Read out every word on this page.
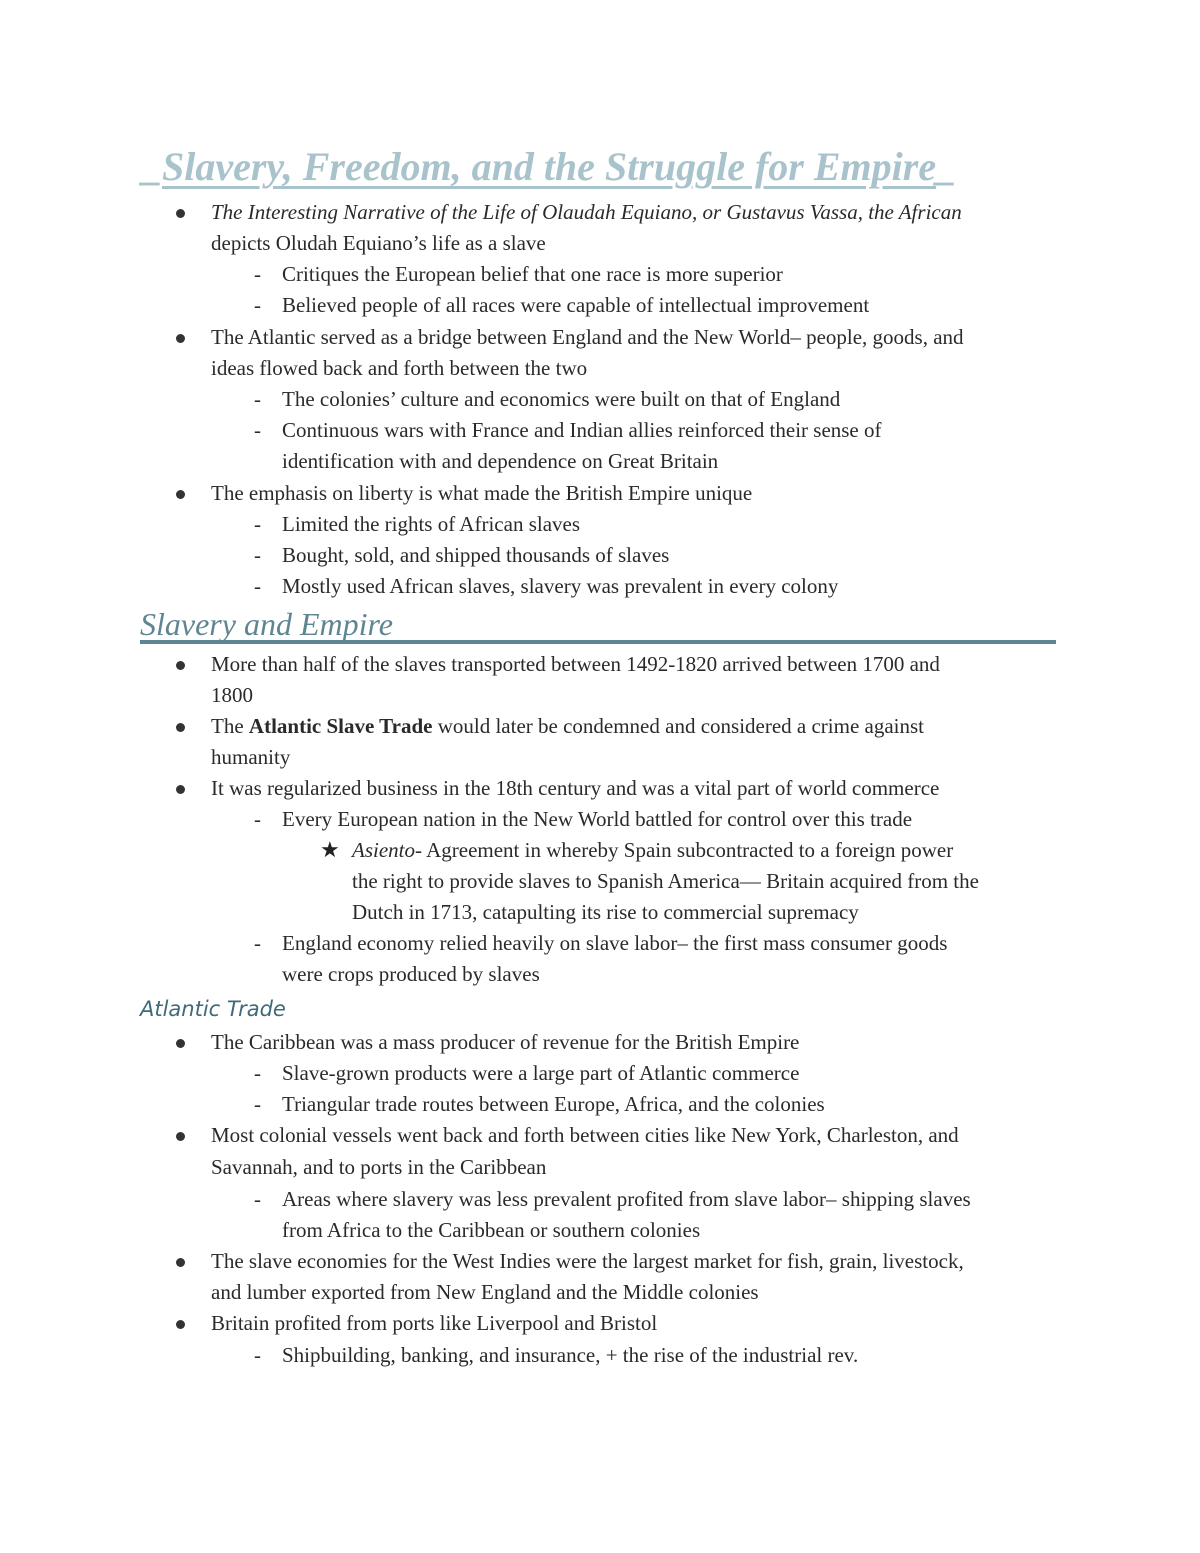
_Slavery, Freedom, and the Struggle for Empire_
The Interesting Narrative of the Life of Olaudah Equiano, or Gustavus Vassa, the African
depicts Oludah Equiano’s life as a slave
- Critiques the European belief that one race is more superior
- Believed people of all races were capable of intellectual improvement
The Atlantic served as a bridge between England and the New World– people, goods, and
ideas flowed back and forth between the two
- The colonies’ culture and economics were built on that of England
- Continuous wars with France and Indian allies reinforced their sense of
identification with and dependence on Great Britain
The emphasis on liberty is what made the British Empire unique
- Limited the rights of African slaves
- Bought, sold, and shipped thousands of slaves
- Mostly used African slaves, slavery was prevalent in every colony
Slavery and Empire
More than half of the slaves transported between 1492-1820 arrived between 1700 and
1800
The Atlantic Slave Trade would later be condemned and considered a crime against
humanity
It was regularized business in the 18th century and was a vital part of world commerce
- Every European nation in the New World battled for control over this trade
★ Asiento- Agreement in whereby Spain subcontracted to a foreign power
the right to provide slaves to Spanish America— Britain acquired from the
Dutch in 1713, catapulting its rise to commercial supremacy
- England economy relied heavily on slave labor– the first mass consumer goods
were crops produced by slaves
Atlantic Trade
The Caribbean was a mass producer of revenue for the British Empire
- Slave-grown products were a large part of Atlantic commerce
- Triangular trade routes between Europe, Africa, and the colonies
Most colonial vessels went back and forth between cities like New York, Charleston, and
Savannah, and to ports in the Caribbean
- Areas where slavery was less prevalent profited from slave labor– shipping slaves
from Africa to the Caribbean or southern colonies
The slave economies for the West Indies were the largest market for fish, grain, livestock,
and lumber exported from New England and the Middle colonies
Britain profited from ports like Liverpool and Bristol
- Shipbuilding, banking, and insurance, + the rise of the industrial rev.
